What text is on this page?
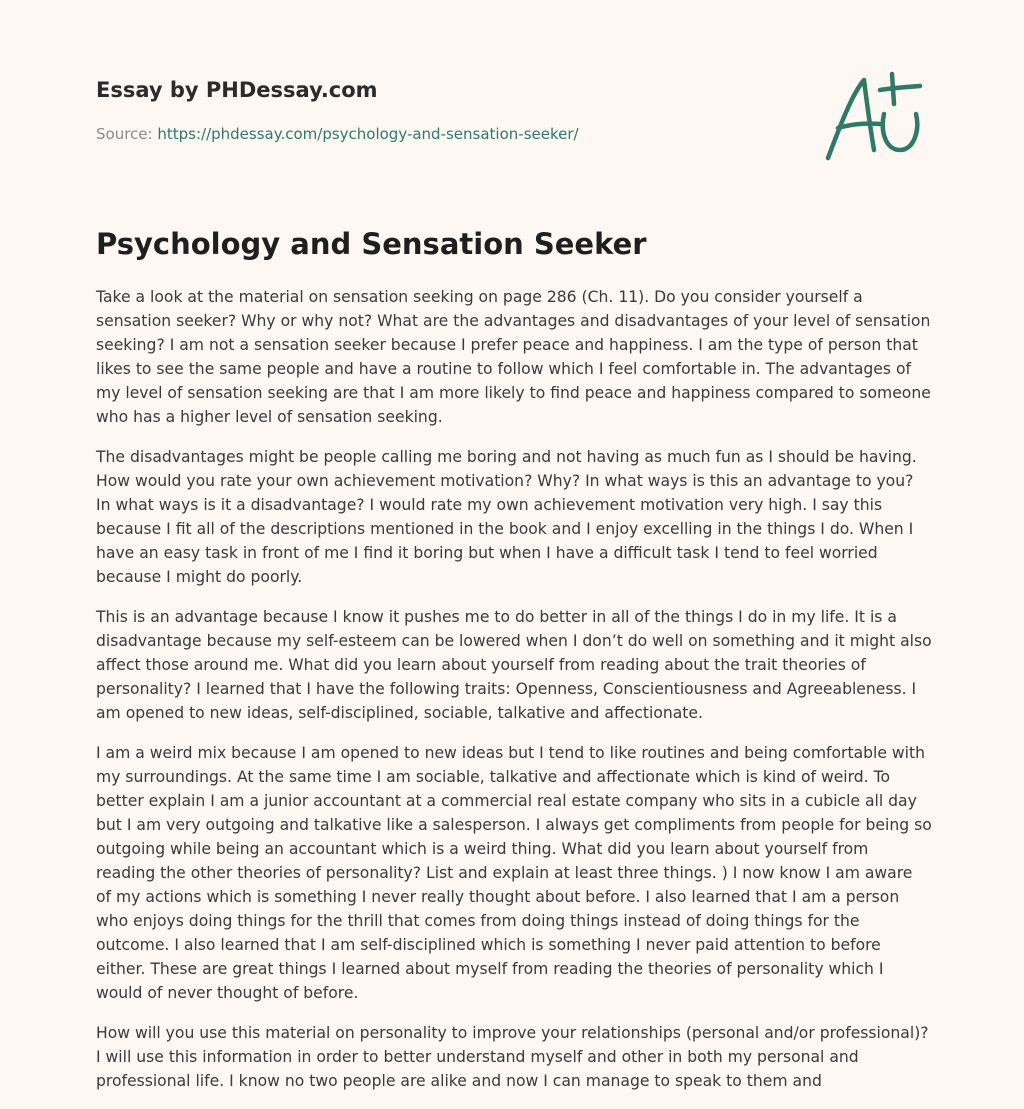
Essay by PHDessay.com
Source: https://phdessay.com/psychology-and-sensation-seeker/
Psychology and Sensation Seeker

Take a look at the material on sensation seeking on page 286 (Ch. 11). Do you consider yourself a sensation seeker? Why or why not? What are the advantages and disadvantages of your level of sensation seeking? I am not a sensation seeker because I prefer peace and happiness. I am the type of person that likes to see the same people and have a routine to follow which I feel comfortable in. The advantages of my level of sensation seeking are that I am more likely to find peace and happiness compared to someone who has a higher level of sensation seeking.

The disadvantages might be people calling me boring and not having as much fun as I should be having. How would you rate your own achievement motivation? Why? In what ways is this an advantage to you? In what ways is it a disadvantage? I would rate my own achievement motivation very high. I say this because I fit all of the descriptions mentioned in the book and I enjoy excelling in the things I do. When I have an easy task in front of me I find it boring but when I have a difficult task I tend to feel worried because I might do poorly.

This is an advantage because I know it pushes me to do better in all of the things I do in my life. It is a disadvantage because my self-esteem can be lowered when I don’t do well on something and it might also affect those around me. What did you learn about yourself from reading about the trait theories of personality? I learned that I have the following traits: Openness, Conscientiousness and Agreeableness. I am opened to new ideas, self-disciplined, sociable, talkative and affectionate.

I am a weird mix because I am opened to new ideas but I tend to like routines and being comfortable with my surroundings. At the same time I am sociable, talkative and affectionate which is kind of weird. To better explain I am a junior accountant at a commercial real estate company who sits in a cubicle all day but I am very outgoing and talkative like a salesperson. I always get compliments from people for being so outgoing while being an accountant which is a weird thing. What did you learn about yourself from reading the other theories of personality? List and explain at least three things. ) I now know I am aware of my actions which is something I never really thought about before. I also learned that I am a person who enjoys doing things for the thrill that comes from doing things instead of doing things for the outcome. I also learned that I am self-disciplined which is something I never paid attention to before either. These are great things I learned about myself from reading the theories of personality which I would of never thought of before.

How will you use this material on personality to improve your relationships (personal and/or professional)? I will use this information in order to better understand myself and other in both my personal and professional life. I know no two people are alike and now I can manage to speak to them and
